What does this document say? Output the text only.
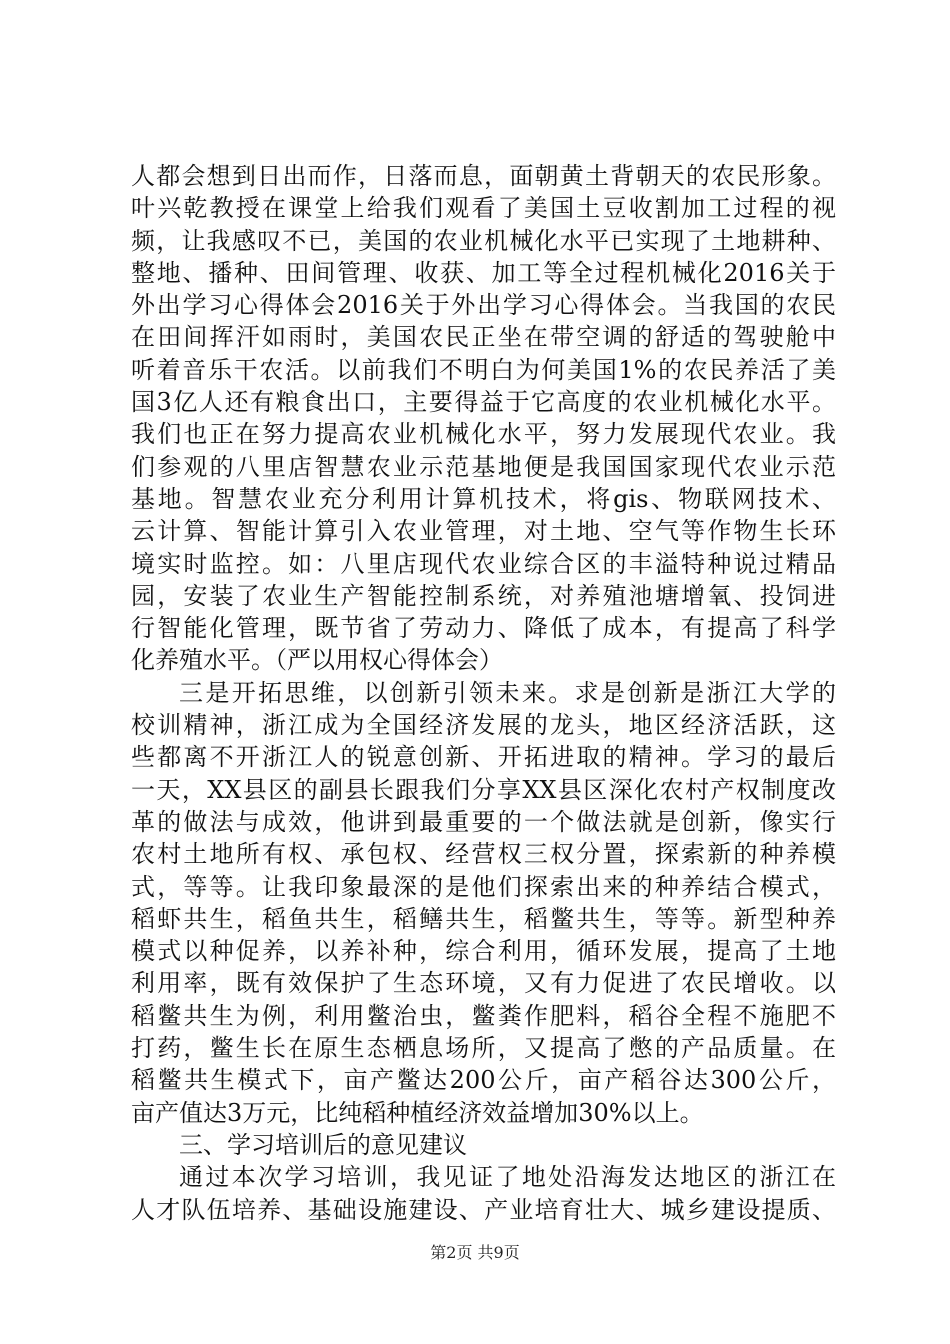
人都会想到日出而作，日落而息，面朝黄土背朝天的农民形象。
叶兴乾教授在课堂上给我们观看了美国土豆收割加工过程的视
频，让我感叹不已，美国的农业机械化水平已实现了土地耕种、
整地、播种、田间管理、收获、加工等全过程机械化2016关于
外出学习心得体会2016关于外出学习心得体会。当我国的农民
在田间挥汗如雨时，美国农民正坐在带空调的舒适的驾驶舱中
听着音乐干农活。以前我们不明白为何美国1%的农民养活了美
国3亿人还有粮食出口，主要得益于它高度的农业机械化水平。
我们也正在努力提高农业机械化水平，努力发展现代农业。我
们参观的八里店智慧农业示范基地便是我国国家现代农业示范
基地。智慧农业充分利用计算机技术，将gis、物联网技术、
云计算、智能计算引入农业管理，对土地、空气等作物生长环
境实时监控。如：八里店现代农业综合区的丰溢特种说过精品
园，安装了农业生产智能控制系统，对养殖池塘增氧、投饲进
行智能化管理，既节省了劳动力、降低了成本，有提高了科学
化养殖水平。（严以用权心得体会）
三是开拓思维，以创新引领未来。求是创新是浙江大学的
校训精神，浙江成为全国经济发展的龙头，地区经济活跃，这
些都离不开浙江人的锐意创新、开拓进取的精神。学习的最后
一天，XX县区的副县长跟我们分享XX县区深化农村产权制度改
革的做法与成效，他讲到最重要的一个做法就是创新，像实行
农村土地所有权、承包权、经营权三权分置，探索新的种养模
式，等等。让我印象最深的是他们探索出来的种养结合模式，
稻虾共生，稻鱼共生，稻鳝共生，稻鳖共生，等等。新型种养
模式以种促养，以养补种，综合利用，循环发展，提高了土地
利用率，既有效保护了生态环境，又有力促进了农民增收。以
稻鳖共生为例，利用鳖治虫，鳖粪作肥料，稻谷全程不施肥不
打药，鳖生长在原生态栖息场所，又提高了憋的产品质量。在
稻鳖共生模式下，亩产鳖达200公斤，亩产稻谷达300公斤，
亩产值达3万元，比纯稻种植经济效益增加30%以上。
三、学习培训后的意见建议
通过本次学习培训，我见证了地处沿海发达地区的浙江在
人才队伍培养、基础设施建设、产业培育壮大、城乡建设提质、
第2页 共9页
